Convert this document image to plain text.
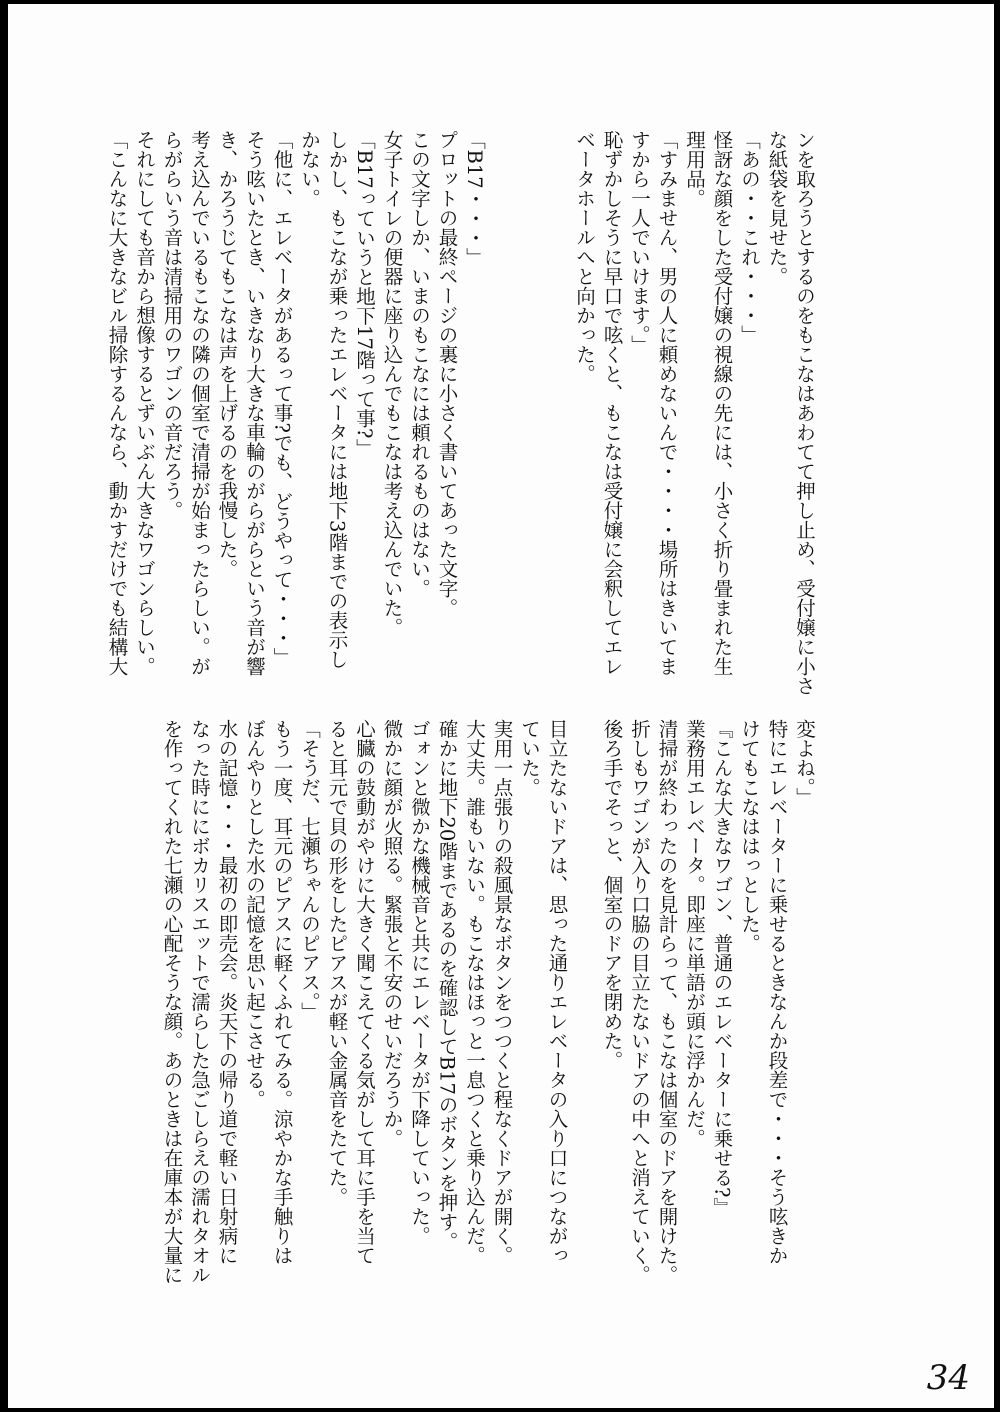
ンを取ろうとするのをもこなはあわてて押し止め、受付嬢に小さ

な紙袋を見せた。

「あの・・これ・・・」

怪訝な顔をした受付嬢の視線の先には、小さく折り畳まれた生

理用品。

「すみません、男の人に頼めないんで・・・・場所はきいてま

すから一人でいけます。」

恥ずかしそうに早口で呟くと、もこなは受付嬢に会釈してエレ

ベータホールへと向かった。

「B17・・・」

プロットの最終ページの裏に小さく書いてあった文字。

この文字しか、いまのもこなには頼れるものはない。

女子トイレの便器に座り込んでもこなは考え込んでいた。

「B17っていうと地下17階って事?」

しかし、もこなが乗ったエレベータには地下3階までの表示し

かない。

「他に、エレベータがあるって事?でも、どうやって・・・」

そう呟いたとき、いきなり大きな車輪のがらがらという音が響

き、かろうじてもこなは声を上げるのを我慢した。

考え込んでいるもこなの隣の個室で清掃が始まったらしい。が

らがらいう音は清掃用のワゴンの音だろう。

それにしても音から想像するとずいぶん大きなワゴンらしい。

「こんなに大きなビル掃除するんなら、動かすだけでも結構大

変よね。」

特にエレベーターに乗せるときなんか段差で・・・そう呟きか

けてもこなははっとした。

『こんな大きなワゴン、普通のエレベーターに乗せる?』

業務用エレベータ。即座に単語が頭に浮かんだ。

清掃が終わったのを見計らって、もこなは個室のドアを開けた。

折しもワゴンが入り口脇の目立たないドアの中へと消えていく。

後ろ手でそっと、個室のドアを閉めた。

目立たないドアは、思った通りエレベータの入り口につながっ

ていた。

実用一点張りの殺風景なボタンをつつくと程なくドアが開く。

大丈夫。誰もいない。もこなはほっと一息つくと乗り込んだ。

確かに地下20階まであるのを確認してB17のボタンを押す。

ゴォンと微かな機械音と共にエレベータが下降していった。

微かに顔が火照る。緊張と不安のせいだろうか。

心臓の鼓動がやけに大きく聞こえてくる気がして耳に手を当て

ると耳元で貝の形をしたピアスが軽い金属音をたてた。

「そうだ、七瀬ちゃんのピアス。」

もう一度、耳元のピアスに軽くふれてみる。涼やかな手触りは

ぼんやりとした水の記憶を思い起こさせる。

水の記憶・・・最初の即売会。炎天下の帰り道で軽い日射病に

なった時ににボカリスエットで濡らした急ごしらえの濡れタオル

を作ってくれた七瀬の心配そうな顔。あのときは在庫本が大量に

34
